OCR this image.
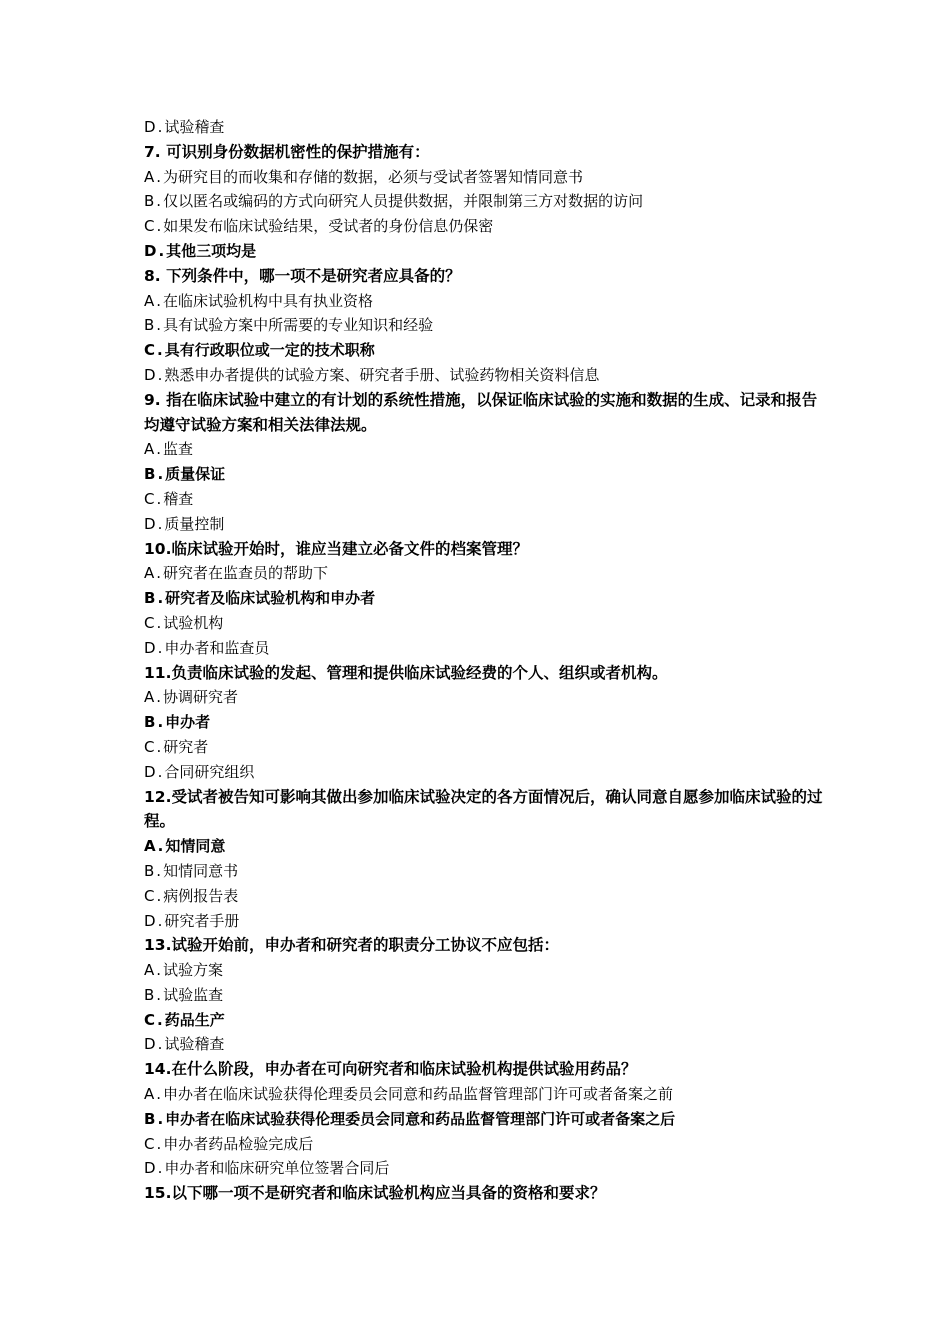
D . 试验稽查
7. 可识别身份数据机密性的保护措施有：
A . 为研究目的而收集和存储的数据，必须与受试者签署知情同意书
B . 仅以匿名或编码的方式向研究人员提供数据，并限制第三方对数据的访问
C . 如果发布临床试验结果，受试者的身份信息仍保密
D . 其他三项均是
8. 下列条件中，哪一项不是研究者应具备的？
A . 在临床试验机构中具有执业资格
B . 具有试验方案中所需要的专业知识和经验
C . 具有行政职位或一定的技术职称
D . 熟悉申办者提供的试验方案、研究者手册、试验药物相关资料信息
9. 指在临床试验中建立的有计划的系统性措施，以保证临床试验的实施和数据的生成、记录和报告均遵守试验方案和相关法律法规。
A . 监查
B . 质量保证
C . 稽查
D . 质量控制
10.临床试验开始时，谁应当建立必备文件的档案管理？
A . 研究者在监查员的帮助下
B . 研究者及临床试验机构和申办者
C . 试验机构
D . 申办者和监查员
11.负责临床试验的发起、管理和提供临床试验经费的个人、组织或者机构。
A . 协调研究者
B . 申办者
C . 研究者
D . 合同研究组织
12.受试者被告知可影响其做出参加临床试验决定的各方面情况后，确认同意自愿参加临床试验的过程。
A . 知情同意
B . 知情同意书
C . 病例报告表
D . 研究者手册
13.试验开始前，申办者和研究者的职责分工协议不应包括：
A . 试验方案
B . 试验监查
C . 药品生产
D . 试验稽查
14.在什么阶段，申办者在可向研究者和临床试验机构提供试验用药品？
A . 申办者在临床试验获得伦理委员会同意和药品监督管理部门许可或者备案之前
B . 申办者在临床试验获得伦理委员会同意和药品监督管理部门许可或者备案之后
C . 申办者药品检验完成后
D . 申办者和临床研究单位签署合同后
15.以下哪一项不是研究者和临床试验机构应当具备的资格和要求？
